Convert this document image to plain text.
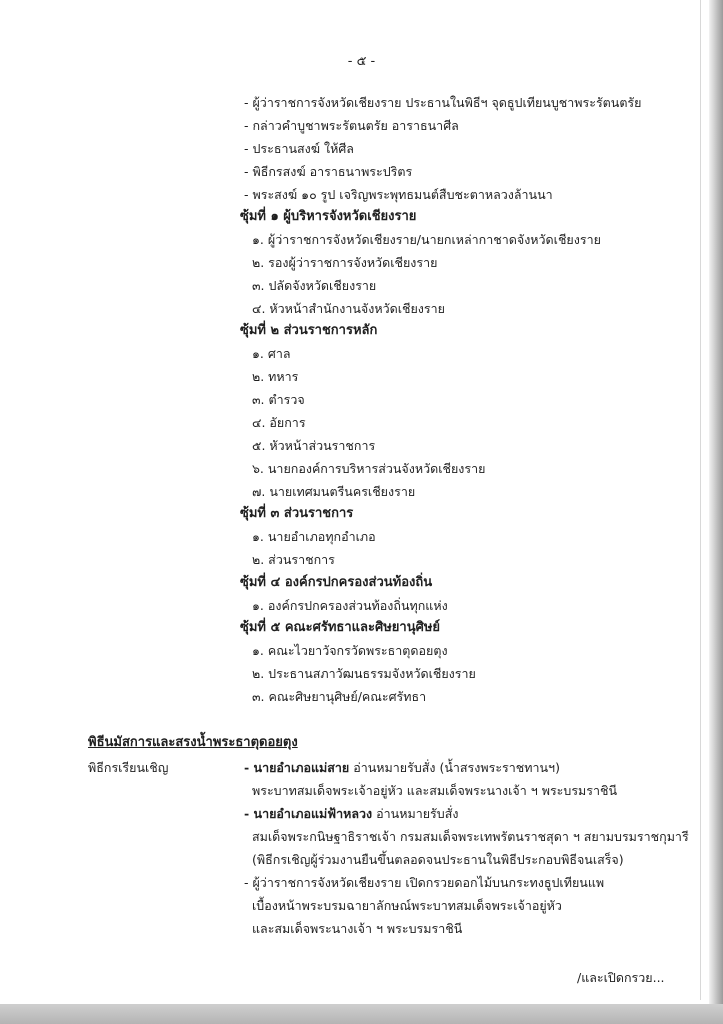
- ๕ -
- ผู้ว่าราชการจังหวัดเชียงราย ประธานในพิธีฯ จุดธูปเทียนบูชาพระรัตนตรัย
- กล่าวคำบูชาพระรัตนตรัย อาราธนาศีล
- ประธานสงฆ์ ให้ศีล
- พิธีกรสงฆ์ อาราธนาพระปริตร
- พระสงฆ์ ๑๐ รูป เจริญพระพุทธมนต์สืบชะตาหลวงล้านนา
ซุ้มที่ ๑ ผู้บริหารจังหวัดเชียงราย
๑. ผู้ว่าราชการจังหวัดเชียงราย/นายกเหล่ากาชาดจังหวัดเชียงราย
๒. รองผู้ว่าราชการจังหวัดเชียงราย
๓. ปลัดจังหวัดเชียงราย
๔. หัวหน้าสำนักงานจังหวัดเชียงราย
ซุ้มที่ ๒ ส่วนราชการหลัก
๑. ศาล
๒. ทหาร
๓. ตำรวจ
๔. อัยการ
๕. หัวหน้าส่วนราชการ
๖. นายกองค์การบริหารส่วนจังหวัดเชียงราย
๗. นายเทศมนตรีนครเชียงราย
ซุ้มที่ ๓ ส่วนราชการ
๑. นายอำเภอทุกอำเภอ
๒. ส่วนราชการ
ซุ้มที่ ๔ องค์กรปกครองส่วนท้องถิ่น
๑. องค์กรปกครองส่วนท้องถิ่นทุกแห่ง
ซุ้มที่ ๕ คณะศรัทธาและศิษยานุศิษย์
๑. คณะไวยาวัจกรวัดพระธาตุดอยตุง
๒. ประธานสภาวัฒนธรรมจังหวัดเชียงราย
๓. คณะศิษยานุศิษย์/คณะศรัทธา
พิธีนมัสการและสรงน้ำพระธาตุดอยตุง
พิธีกรเรียนเชิญ	- นายอำเภอแม่สาย อ่านหมายรับสั่ง (น้ำสรงพระราชทานฯ)
พระบาทสมเด็จพระเจ้าอยู่หัว และสมเด็จพระนางเจ้า ฯ พระบรมราชินี
- นายอำเภอแม่ฟ้าหลวง อ่านหมายรับสั่ง
สมเด็จพระกนิษฐาธิราชเจ้า กรมสมเด็จพระเทพรัตนราชสุดา ฯ สยามบรมราชกุมารี
(พิธีกรเชิญผู้ร่วมงานยืนขึ้นตลอดจนประธานในพิธีประกอบพิธีจนเสร็จ)
- ผู้ว่าราชการจังหวัดเชียงราย เปิดกรวยดอกไม้บนกระทงธูปเทียนแพ
เบื้องหน้าพระบรมฉายาลักษณ์พระบาทสมเด็จพระเจ้าอยู่หัว
และสมเด็จพระนางเจ้า ฯ พระบรมราชินี
/และเปิดกรวย...
